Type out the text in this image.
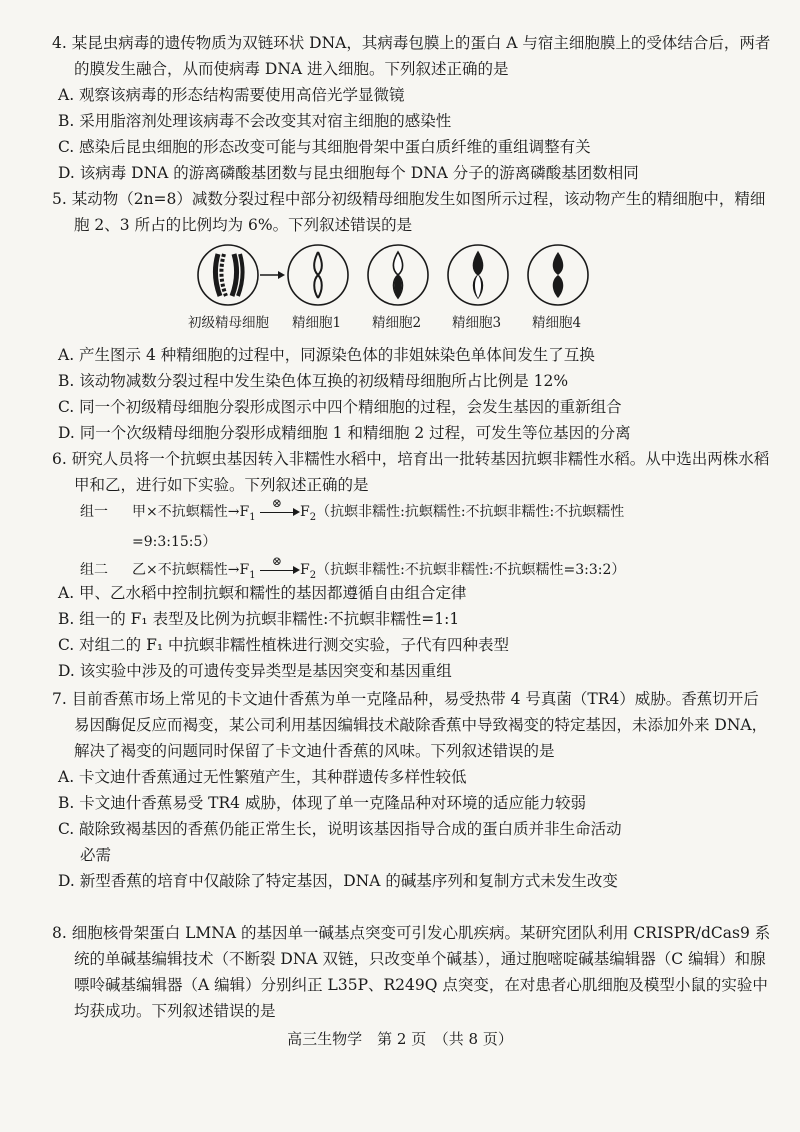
4. 某昆虫病毒的遗传物质为双链环状 DNA，其病毒包膜上的蛋白 A 与宿主细胞膜上的受体结合后，两者的膜发生融合，从而使病毒 DNA 进入细胞。下列叙述正确的是

A. 观察该病毒的形态结构需要使用高倍光学显微镜

B. 采用脂溶剂处理该病毒不会改变其对宿主细胞的感染性

C. 感染后昆虫细胞的形态改变可能与其细胞骨架中蛋白质纤维的重组调整有关

D. 该病毒 DNA 的游离磷酸基团数与昆虫细胞每个 DNA 分子的游离磷酸基团数相同

5. 某动物（2n=8）减数分裂过程中部分初级精母细胞发生如图所示过程，该动物产生的精细胞中，精细胞 2、3 所占的比例均为 6%。下列叙述错误的是

初级精母细胞 精细胞1 精细胞2 精细胞3 精细胞4

A. 产生图示 4 种精细胞的过程中，同源染色体的非姐妹染色单体间发生了互换

B. 该动物减数分裂过程中发生染色体互换的初级精母细胞所占比例是 12%

C. 同一个初级精母细胞分裂形成图示中四个精细胞的过程，会发生基因的重新组合

D. 同一个次级精母细胞分裂形成精细胞 1 和精细胞 2 过程，可发生等位基因的分离

6. 研究人员将一个抗螟虫基因转入非糯性水稻中，培育出一批转基因抗螟非糯性水稻。从中选出两株水稻甲和乙，进行如下实验。下列叙述正确的是

组一 甲×不抗螟糯性$\to F_1$
⊗
$F_2$（抗螟非糯性:抗螟糯性:不抗螟非糯性:不抗螟糯性
=9:3:15:5）
组二 乙×不抗螟糯性$\to F_1$
⊗
$F_2$（抗螟非糯性:不抗螟非糯性:不抗螟糯性=3:3:2）

A. 甲、乙水稻中控制抗螟和糯性的基因都遵循自由组合定律

B. 组一的 F₁ 表型及比例为抗螟非糯性:不抗螟非糯性=1:1

C. 对组二的 F₁ 中抗螟非糯性植株进行测交实验，子代有四种表型

D. 该实验中涉及的可遗传变异类型是基因突变和基因重组

7. 目前香蕉市场上常见的卡文迪什香蕉为单一克隆品种，易受热带 4 号真菌（TR4）威胁。香蕉切开后易因酶促反应而褐变，某公司利用基因编辑技术敲除香蕉中导致褐变的特定基因，未添加外来 DNA，解决了褐变的问题同时保留了卡文迪什香蕉的风味。下列叙述错误的是

A. 卡文迪什香蕉通过无性繁殖产生，其种群遗传多样性较低

B. 卡文迪什香蕉易受 TR4 威胁，体现了单一克隆品种对环境的适应能力较弱

C. 敲除致褐基因的香蕉仍能正常生长，说明该基因指导合成的蛋白质并非生命活动
必需

D. 新型香蕉的培育中仅敲除了特定基因，DNA 的碱基序列和复制方式未发生改变

8. 细胞核骨架蛋白 LMNA 的基因单一碱基点突变可引发心肌疾病。某研究团队利用 CRISPR/dCas9 系统的单碱基编辑技术（不断裂 DNA 双链，只改变单个碱基），通过胞嘧啶碱基编辑器（C 编辑）和腺嘌呤碱基编辑器（A 编辑）分别纠正 L35P、R249Q 点突变，在对患者心肌细胞及模型小鼠的实验中均获成功。下列叙述错误的是

高三生物学　第 2 页　（共 8 页）
